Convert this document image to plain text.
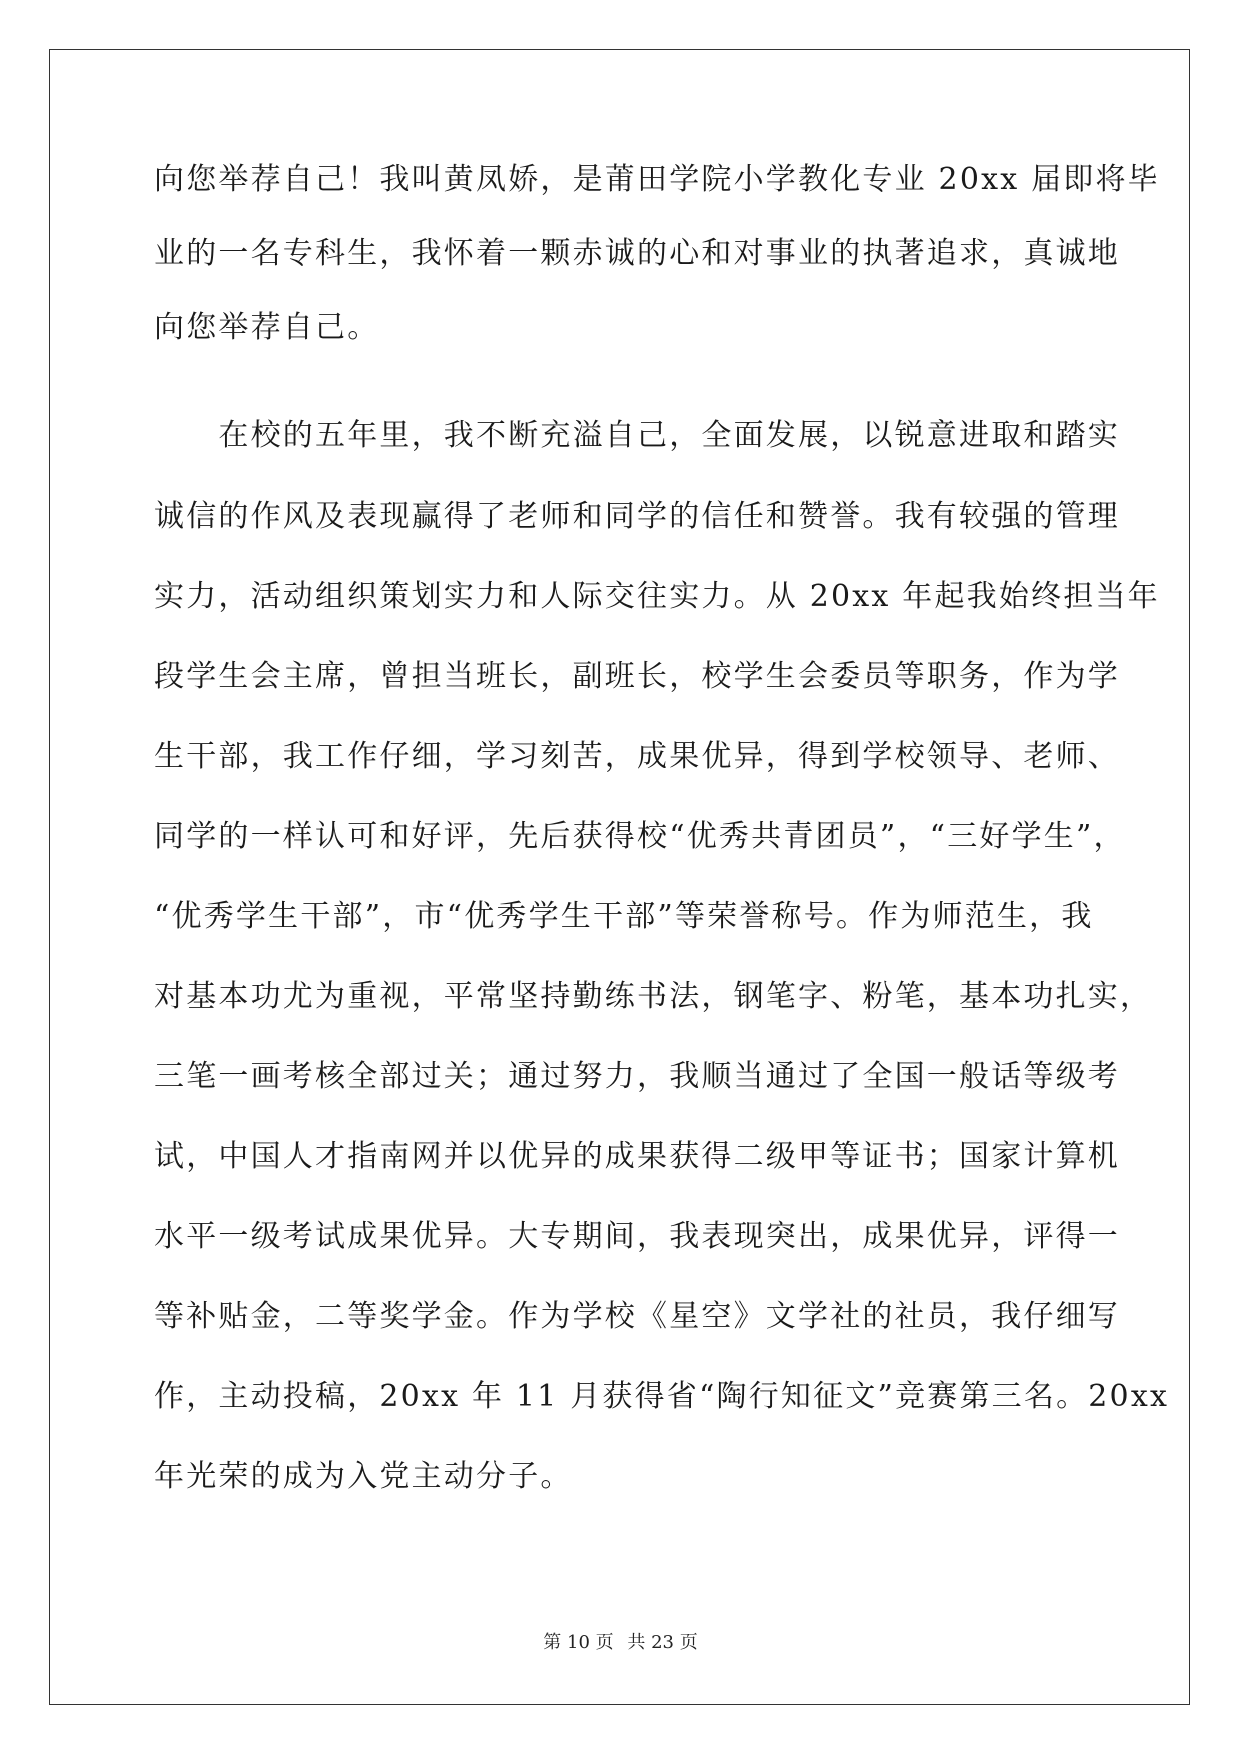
向您举荐自己！我叫黄凤娇，是莆田学院小学教化专业 20xx 届即将毕
业的一名专科生，我怀着一颗赤诚的心和对事业的执著追求，真诚地
向您举荐自己。
　　在校的五年里，我不断充溢自己，全面发展，以锐意进取和踏实
诚信的作风及表现赢得了老师和同学的信任和赞誉。我有较强的管理
实力，活动组织策划实力和人际交往实力。从 20xx 年起我始终担当年
段学生会主席，曾担当班长，副班长，校学生会委员等职务，作为学
生干部，我工作仔细，学习刻苦，成果优异，得到学校领导、老师、
同学的一样认可和好评，先后获得校“优秀共青团员”，“三好学生”，
“优秀学生干部”，市“优秀学生干部”等荣誉称号。作为师范生，我
对基本功尤为重视，平常坚持勤练书法，钢笔字、粉笔，基本功扎实，
三笔一画考核全部过关；通过努力，我顺当通过了全国一般话等级考
试，中国人才指南网并以优异的成果获得二级甲等证书；国家计算机
水平一级考试成果优异。大专期间，我表现突出，成果优异，评得一
等补贴金，二等奖学金。作为学校《星空》文学社的社员，我仔细写
作，主动投稿，20xx 年 11 月获得省“陶行知征文”竞赛第三名。20xx
年光荣的成为入党主动分子。
第 10 页 共 23 页
